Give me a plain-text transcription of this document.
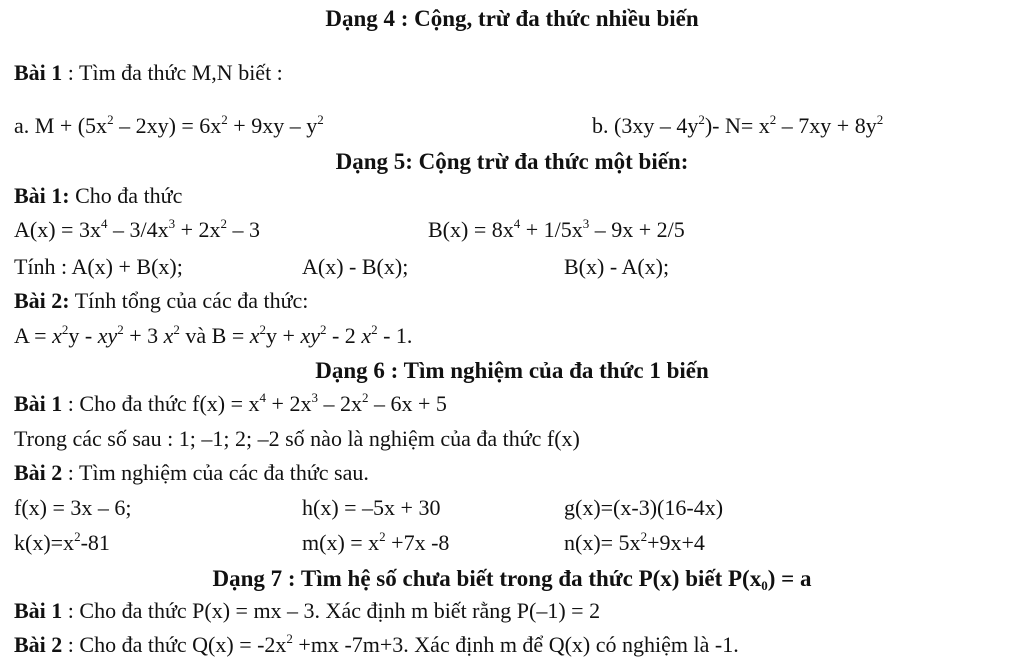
Dạng 4 : Cộng, trừ đa thức nhiều biến
Bài 1 : Tìm đa thức M,N biết :
a. $M + (5x^2 - 2xy) = 6x^2 + 9xy - y^2$	b. $(3xy - 4y^2)-$ $N= x^2 - 7xy + 8y^2$
Dạng 5: Cộng trừ đa thức một biến:
Bài 1: Cho đa thức
$A(x) = 3x^4 - 3/4x^3 + 2x^2 - 3$	$B(x) = 8x^4 + 1/5x^3 - 9x + 2/5$
Tính : A(x) + B(x);	A(x) - B(x);	B(x) - A(x);
Bài 2: Tính tổng của các đa thức:
$A = x^2y - xy^2 + 3$ $x^2$ và $B = x^2y + xy^2 - 2$ $x^2 - 1$.
Dạng 6 : Tìm nghiệm của đa thức 1 biến
Bài 1 : Cho đa thức $f(x) = x^4 + 2x^3 - 2x^2 - 6x + 5$
Trong các số sau : 1; –1; 2; –2 số nào là nghiệm của đa thức f(x)
Bài 2 : Tìm nghiệm của các đa thức sau.
f(x) = 3x – 6;	h(x) = –5x + 30	g(x)=(x-3)(16-4x)
$k(x)=x^2-81$	$m(x) = x^2 +7x$ -8	$n(x)= 5x^2+9x+4$
Dạng 7 : Tìm hệ số chưa biết trong đa thức P(x) biết $P(x_0) = a$
Bài 1 : Cho đa thức P(x) = mx – 3. Xác định m biết rằng P(–1) = 2
Bài 2 : Cho đa thức $Q(x) = -2x^2 +mx$ -7m+3. Xác định m để Q(x) có nghiệm là -1.
